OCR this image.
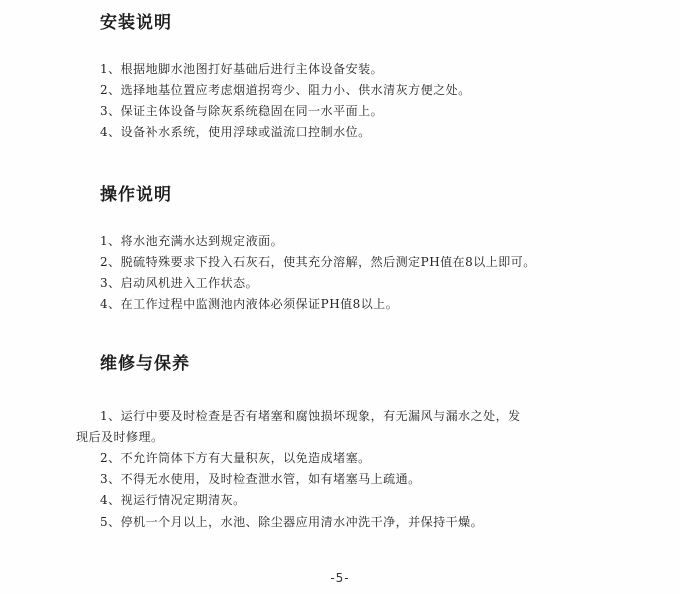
安装说明
1、根据地脚水池图打好基础后进行主体设备安装。
2、选择地基位置应考虑烟道拐弯少、阻力小、供水清灰方便之处。
3、保证主体设备与除灰系统稳固在同一水平面上。
4、设备补水系统，使用浮球或溢流口控制水位。
操作说明
1、将水池充满水达到规定液面。
2、脱硫特殊要求下投入石灰石，使其充分溶解，然后测定PH值在8以上即可。
3、启动风机进入工作状态。
4、在工作过程中监测池内液体必须保证PH值8以上。
维修与保养
1、运行中要及时检查是否有堵塞和腐蚀损坏现象，有无漏风与漏水之处，发
现后及时修理。
2、不允许筒体下方有大量积灰，以免造成堵塞。
3、不得无水使用，及时检查泄水管，如有堵塞马上疏通。
4、视运行情况定期清灰。
5、停机一个月以上，水池、除尘器应用清水冲洗干净，并保持干燥。
-5-
